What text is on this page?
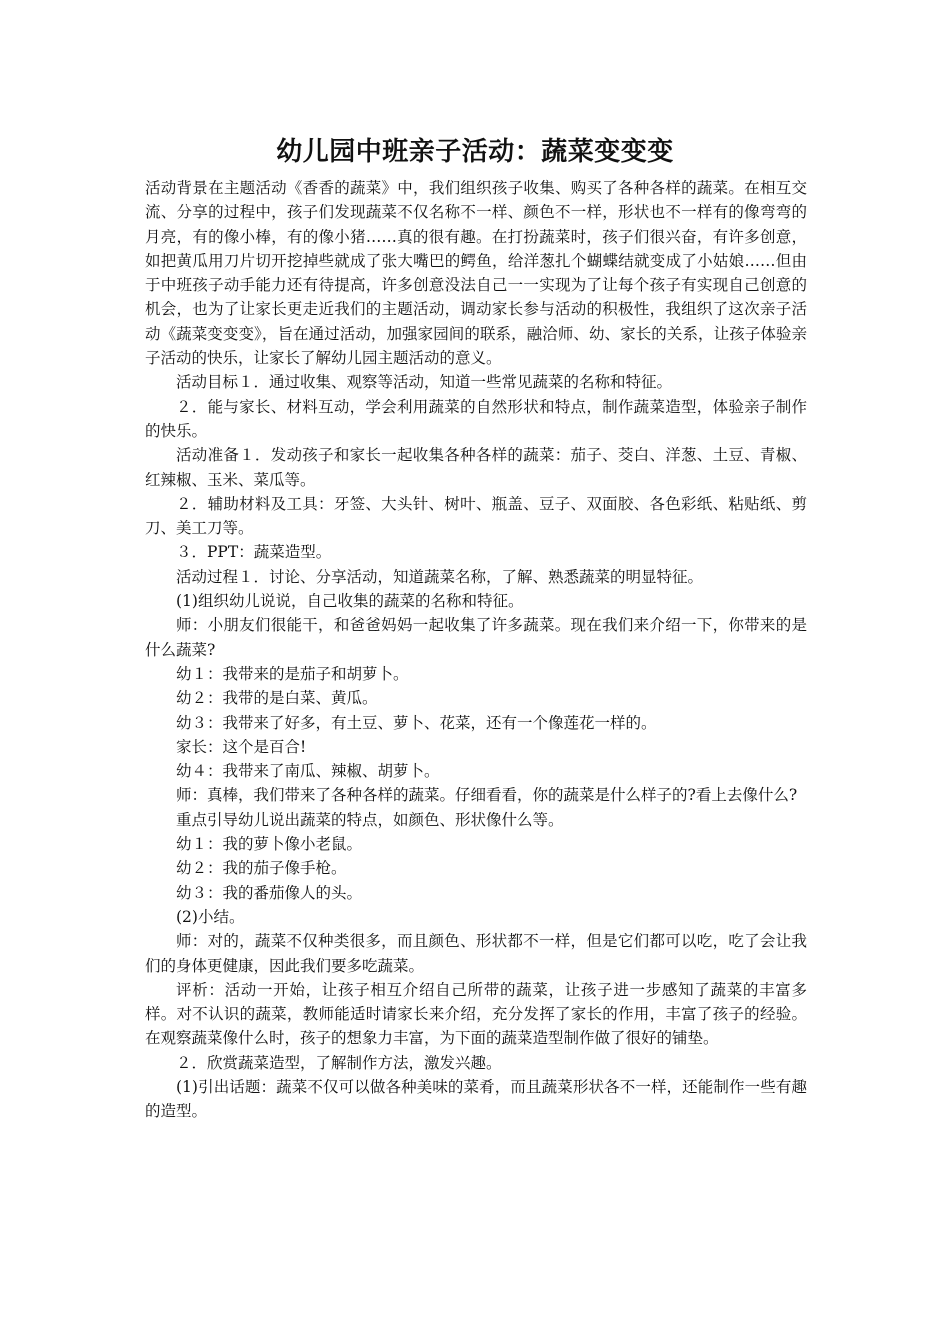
幼儿园中班亲子活动：蔬菜变变变

活动背景在主题活动《香香的蔬菜》中，我们组织孩子收集、购买了各种各样的蔬菜。在相互交流、分享的过程中，孩子们发现蔬菜不仅名称不一样、颜色不一样，形状也不一样有的像弯弯的月亮，有的像小棒，有的像小猪……真的很有趣。在打扮蔬菜时，孩子们很兴奋，有许多创意，如把黄瓜用刀片切开挖掉些就成了张大嘴巴的鳄鱼，给洋葱扎个蝴蝶结就变成了小姑娘……但由于中班孩子动手能力还有待提高，许多创意没法自己一一实现为了让每个孩子有实现自己创意的机会，也为了让家长更走近我们的主题活动，调动家长参与活动的积极性，我组织了这次亲子活动《蔬菜变变变》，旨在通过活动，加强家园间的联系，融洽师、幼、家长的关系，让孩子体验亲子活动的快乐，让家长了解幼儿园主题活动的意义。

活动目标１．通过收集、观察等活动，知道一些常见蔬菜的名称和特征。

２．能与家长、材料互动，学会利用蔬菜的自然形状和特点，制作蔬菜造型，体验亲子制作的快乐。

活动准备１．发动孩子和家长一起收集各种各样的蔬菜：茄子、茭白、洋葱、土豆、青椒、红辣椒、玉米、菜瓜等。

２．辅助材料及工具：牙签、大头针、树叶、瓶盖、豆子、双面胶、各色彩纸、粘贴纸、剪刀、美工刀等。

３．PPT：蔬菜造型。

活动过程１．讨论、分享活动，知道蔬菜名称，了解、熟悉蔬菜的明显特征。

(1)组织幼儿说说，自己收集的蔬菜的名称和特征。

师：小朋友们很能干，和爸爸妈妈一起收集了许多蔬菜。现在我们来介绍一下，你带来的是什么蔬菜?

幼１：我带来的是茄子和胡萝卜。

幼２：我带的是白菜、黄瓜。

幼３：我带来了好多，有土豆、萝卜、花菜，还有一个像莲花一样的。

家长：这个是百合!

幼４：我带来了南瓜、辣椒、胡萝卜。

师：真棒，我们带来了各种各样的蔬菜。仔细看看，你的蔬菜是什么样子的?看上去像什么?

重点引导幼儿说出蔬菜的特点，如颜色、形状像什么等。

幼１：我的萝卜像小老鼠。

幼２：我的茄子像手枪。

幼３：我的番茄像人的头。

(2)小结。

师：对的，蔬菜不仅种类很多，而且颜色、形状都不一样，但是它们都可以吃，吃了会让我们的身体更健康，因此我们要多吃蔬菜。

评析：活动一开始，让孩子相互介绍自己所带的蔬菜，让孩子进一步感知了蔬菜的丰富多样。对不认识的蔬菜，教师能适时请家长来介绍，充分发挥了家长的作用，丰富了孩子的经验。在观察蔬菜像什么时，孩子的想象力丰富，为下面的蔬菜造型制作做了很好的铺垫。

２．欣赏蔬菜造型，了解制作方法，激发兴趣。

(1)引出话题：蔬菜不仅可以做各种美味的菜肴，而且蔬菜形状各不一样，还能制作一些有趣的造型。
